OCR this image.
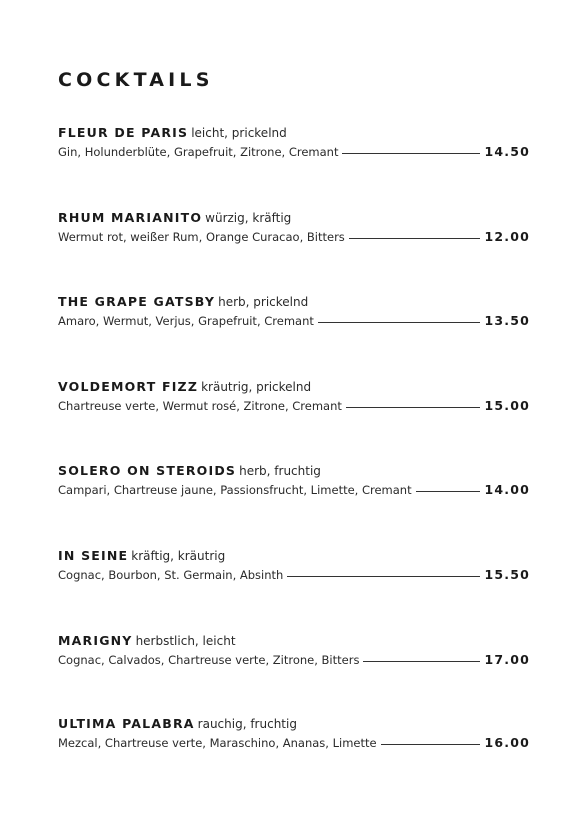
COCKTAILS
FLEUR DE PARIS leicht, prickelnd
Gin, Holunderblüte, Grapefruit, Zitrone, Cremant	14.50
RHUM MARIANITO würzig, kräftig
Wermut rot, weißer Rum, Orange Curacao, Bitters	12.00
THE GRAPE GATSBY herb, prickelnd
Amaro, Wermut, Verjus, Grapefruit, Cremant	13.50
VOLDEMORT FIZZ kräutrig, prickelnd
Chartreuse verte, Wermut rosé, Zitrone, Cremant	15.00
SOLERO ON STEROIDS herb, fruchtig
Campari, Chartreuse jaune, Passionsfrucht, Limette, Cremant	14.00
IN SEINE kräftig, kräutrig
Cognac, Bourbon, St. Germain, Absinth	15.50
MARIGNY herbstlich, leicht
Cognac, Calvados, Chartreuse verte, Zitrone, Bitters	17.00
ULTIMA PALABRA rauchig, fruchtig
Mezcal, Chartreuse verte, Maraschino, Ananas, Limette	16.00
